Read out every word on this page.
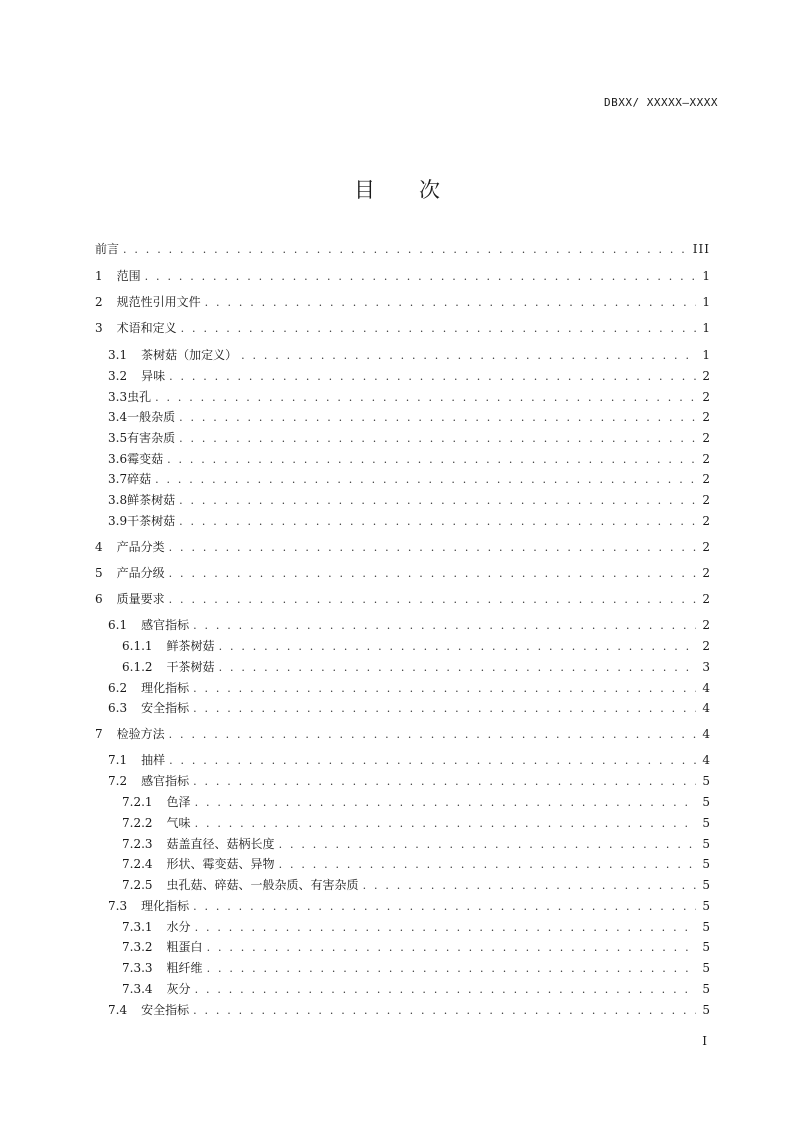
DBXX/ XXXXX—XXXX
目 次
前言 . . .	III
1 范围 . . .	1
2 规范性引用文件 . . .	1
3 术语和定义 . . .	1
3.1 茶树菇（加定义） . . .	1
3.2 异味 . . .	2
3.3 虫孔 . . .	2
3.4 一般杂质 . . .	2
3.5 有害杂质 . . .	2
3.6 霉变菇 . . .	2
3.7 碎菇 . . .	2
3.8 鲜茶树菇 . . .	2
3.9 干茶树菇 . . .	2
4 产品分类 . . .	2
5 产品分级 . . .	2
6 质量要求 . . .	2
6.1 感官指标 . . .	2
6.1.1 鲜茶树菇 . . .	2
6.1.2 干茶树菇 . . .	3
6.2 理化指标 . . .	4
6.3 安全指标 . . .	4
7 检验方法 . . .	4
7.1 抽样 . . .	4
7.2 感官指标 . . .	5
7.2.1 色泽 . . .	5
7.2.2 气味 . . .	5
7.2.3 菇盖直径、菇柄长度 . . .	5
7.2.4 形状、霉变菇、异物 . . .	5
7.2.5 虫孔菇、碎菇、一般杂质、有害杂质 . . .	5
7.3 理化指标 . . .	5
7.3.1 水分 . . .	5
7.3.2 粗蛋白 . . .	5
7.3.3 粗纤维 . . .	5
7.3.4 灰分 . . .	5
7.4 安全指标 . . .	5
I
